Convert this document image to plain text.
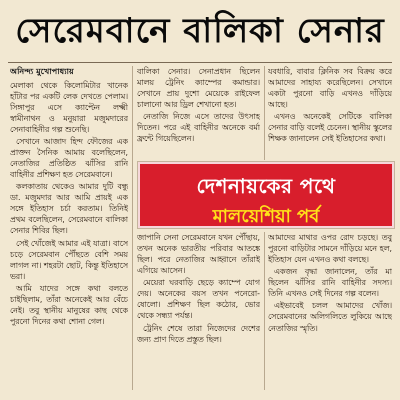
সেরেমবানে বালিকা সেনার
অনিন্দ্য মুখোপাধ্যায়

মেলাকা থেকে কিলোমিটার খানেক হাঁটার পর একটি লেক দেখতে পেলাম। সিঙ্গাপুর এসে ক্যাপ্টেন লক্ষ্মী স্বামীনাথন ও মনুয়ারা মজুমদারের সেনাবাহিনীর গল্প শুনেছি।

সেখানে আজাদ হিন্দ ফৌজের এক প্রাক্তন সৈনিক আমায় বলেছিলেন, নেতাজির প্রতিষ্ঠিত ঝাঁসির রানি বাহিনীর প্রশিক্ষণ হত সেরেমবানে।

কলকাতায় থেকেও আমার দুটি বন্ধু ডা. মজুমদার আর আমি প্রায়ই এক সঙ্গে ইতিহাস চর্চা করতাম। তিনিই প্রথম বলেছিলেন, সেরেমবানে বালিকা সেনার শিবির ছিল।

সেই খোঁজেই আমার এই যাত্রা। বাসে চড়ে সেরেমবান পৌঁছতে বেশি সময় লাগল না। শহরটা ছোট, কিন্তু ইতিহাসে ভরা।

আমি যাদের সঙ্গে কথা বলতে চাইছিলাম, তাঁরা অনেকেই আর বেঁচে নেই। তবু স্থানীয় মানুষের কাছ থেকে পুরনো দিনের কথা শোনা গেল।

বালিকা সেনার। সেনাপ্রধান ছিলেন মালয় ট্রেনিং ক্যাম্পের কমান্ডার। সেখানে প্রায় দুশো মেয়েকে রাইফেল চালানো আর ড্রিল শেখানো হত।

নেতাজি নিজে এসে তাদের উৎসাহ দিতেন। পরে এই বাহিনীর অনেকে বর্মা ফ্রন্টে গিয়েছিলেন।

যবধারি, বাবার ক্লিনিক সব বিক্রয় করে আমাদের সাহায্য করেছিলেন। সেখানে একটা পুরনো বাড়ি এখনও দাঁড়িয়ে আছে।

এখনও অনেকেই সেটিকে বালিকা সেনার বাড়ি বলেই চেনেন। স্থানীয় স্কুলের শিক্ষক জানালেন সেই ইতিহাসের কথা।

দেশনায়কের পথে
মালয়েশিয়া পর্ব

জাপানি সেনা সেরেমবানে যখন পৌঁছায়, তখন অনেক ভারতীয় পরিবার আতঙ্কে ছিল। পরে নেতাজির আহ্বানে তাঁরাই এগিয়ে আসেন।

মেয়েরা ঘরবাড়ি ছেড়ে ক্যাম্পে যোগ দেয়। অনেকের বয়স তখন পনেরো-ষোলো। প্রশিক্ষণ ছিল কঠোর, ভোর থেকে সন্ধ্যা পর্যন্ত।

ট্রেনিং শেষে তারা নিজেদের দেশের জন্য প্রাণ দিতে প্রস্তুত ছিল।

আমাদের মাথার ওপর রোদ চড়ছে। তবু পুরনো বাড়িটার সামনে দাঁড়িয়ে মনে হল, ইতিহাস যেন এখনও কথা বলছে।

একজন বৃদ্ধা জানালেন, তাঁর মা ছিলেন ঝাঁসির রানি বাহিনীর সদস্য। তিনি এখনও সেই দিনের গল্প বলেন।

এইভাবেই চলল আমাদের খোঁজ। সেরেমবানের অলিগলিতে লুকিয়ে আছে নেতাজির স্মৃতি।
